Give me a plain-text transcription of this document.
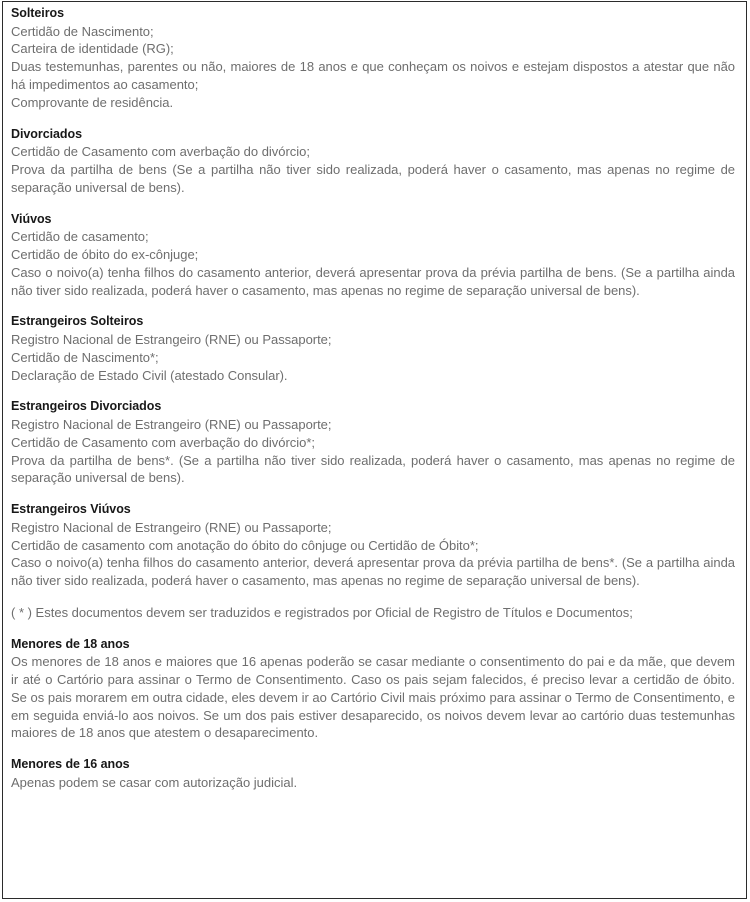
Solteiros
Certidão de Nascimento;
Carteira de identidade (RG);
Duas testemunhas, parentes ou não, maiores de 18 anos e que conheçam os noivos e estejam dispostos a atestar que não há impedimentos ao casamento;
Comprovante de residência.
Divorciados
Certidão de Casamento com averbação do divórcio;
Prova da partilha de bens (Se a partilha não tiver sido realizada, poderá haver o casamento, mas apenas no regime de separação universal de bens).
Viúvos
Certidão de casamento;
Certidão de óbito do ex-cônjuge;
Caso o noivo(a) tenha filhos do casamento anterior, deverá apresentar prova da prévia partilha de bens. (Se a partilha ainda não tiver sido realizada, poderá haver o casamento, mas apenas no regime de separação universal de bens).
Estrangeiros Solteiros
Registro Nacional de Estrangeiro (RNE) ou Passaporte;
Certidão de Nascimento*;
Declaração de Estado Civil (atestado Consular).
Estrangeiros Divorciados
Registro Nacional de Estrangeiro (RNE) ou Passaporte;
Certidão de Casamento com averbação do divórcio*;
Prova da partilha de bens*. (Se a partilha não tiver sido realizada, poderá haver o casamento, mas apenas no regime de separação universal de bens).
Estrangeiros Viúvos
Registro Nacional de Estrangeiro (RNE) ou Passaporte;
Certidão de casamento com anotação do óbito do cônjuge ou Certidão de Óbito*;
Caso o noivo(a) tenha filhos do casamento anterior, deverá apresentar prova da prévia partilha de bens*. (Se a partilha ainda não tiver sido realizada, poderá haver o casamento, mas apenas no regime de separação universal de bens).
( * ) Estes documentos devem ser traduzidos e registrados por Oficial de Registro de Títulos e Documentos;
Menores de 18 anos
Os menores de 18 anos e maiores que 16 apenas poderão se casar mediante o consentimento do pai e da mãe, que devem ir até o Cartório para assinar o Termo de Consentimento. Caso os pais sejam falecidos, é preciso levar a certidão de óbito. Se os pais morarem em outra cidade, eles devem ir ao Cartório Civil mais próximo para assinar o Termo de Consentimento, e em seguida enviá-lo aos noivos. Se um dos pais estiver desaparecido, os noivos devem levar ao cartório duas testemunhas maiores de 18 anos que atestem o desaparecimento.
Menores de 16 anos
Apenas podem se casar com autorização judicial.
